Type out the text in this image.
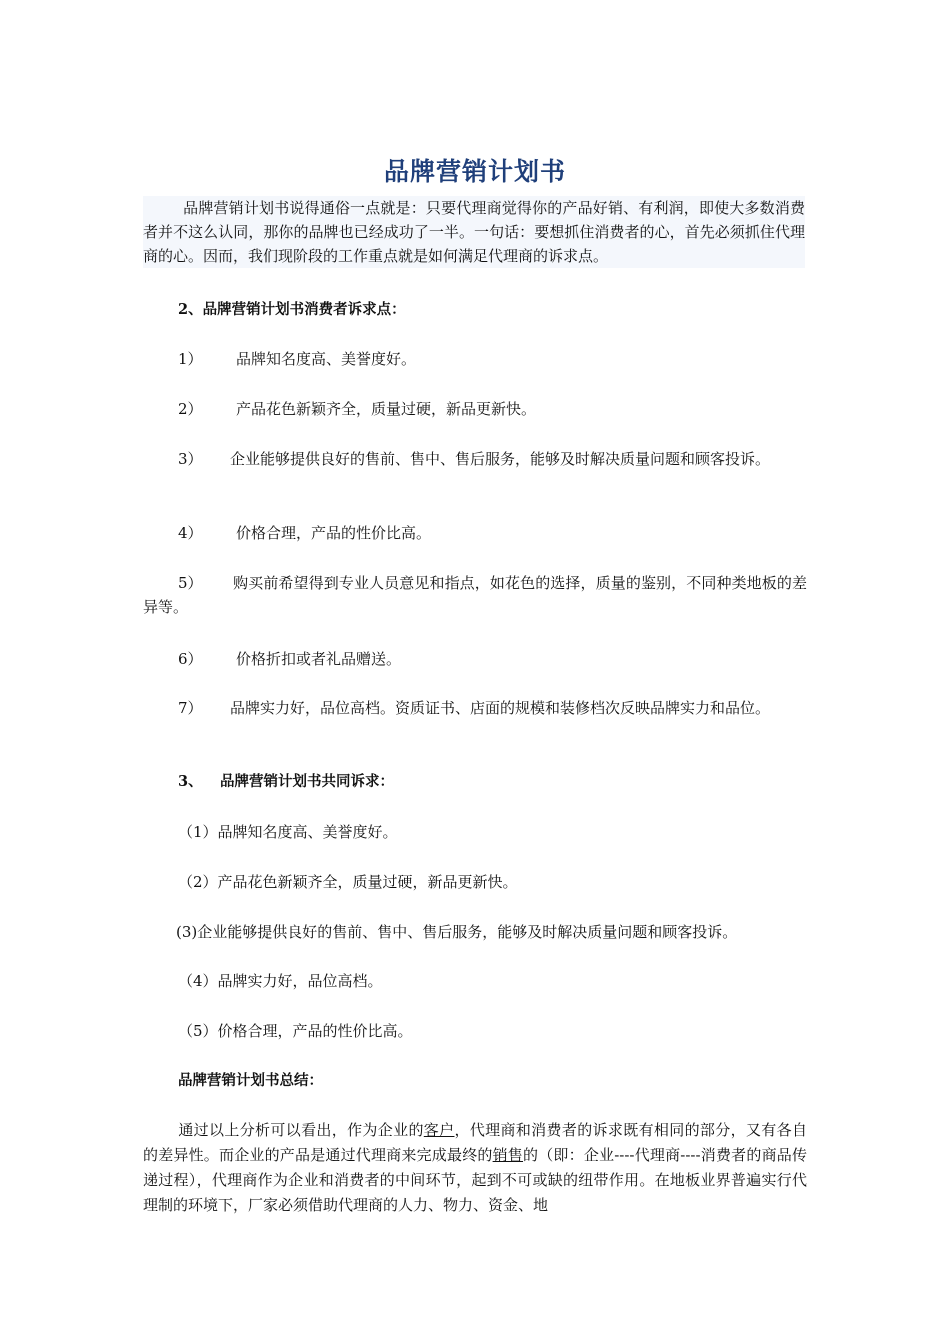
品牌营销计划书
品牌营销计划书说得通俗一点就是：只要代理商觉得你的产品好销、有利润，即使大多数消费者并不这么认同，那你的品牌也已经成功了一半。一句话：要想抓住消费者的心，首先必须抓住代理商的心。因而，我们现阶段的工作重点就是如何满足代理商的诉求点。
2、品牌营销计划书消费者诉求点：
1） 品牌知名度高、美誉度好。
2） 产品花色新颖齐全，质量过硬，新品更新快。
3） 企业能够提供良好的售前、售中、售后服务，能够及时解决质量问题和顾客投诉。
4） 价格合理，产品的性价比高。
5） 购买前希望得到专业人员意见和指点，如花色的选择，质量的鉴别，不同种类地板的差异等。
6） 价格折扣或者礼品赠送。
7） 品牌实力好，品位高档。资质证书、店面的规模和装修档次反映品牌实力和品位。
3、 品牌营销计划书共同诉求：
（1）品牌知名度高、美誉度好。
（2）产品花色新颖齐全，质量过硬，新品更新快。
(3)企业能够提供良好的售前、售中、售后服务，能够及时解决质量问题和顾客投诉。
（4）品牌实力好，品位高档。
（5）价格合理，产品的性价比高。
品牌营销计划书总结：
通过以上分析可以看出，作为企业的客户，代理商和消费者的诉求既有相同的部分，又有各自的差异性。而企业的产品是通过代理商来完成最终的销售的（即：企业----代理商----消费者的商品传递过程），代理商作为企业和消费者的中间环节，起到不可或缺的纽带作用。在地板业界普遍实行代理制的环境下，厂家必须借助代理商的人力、物力、资金、地
